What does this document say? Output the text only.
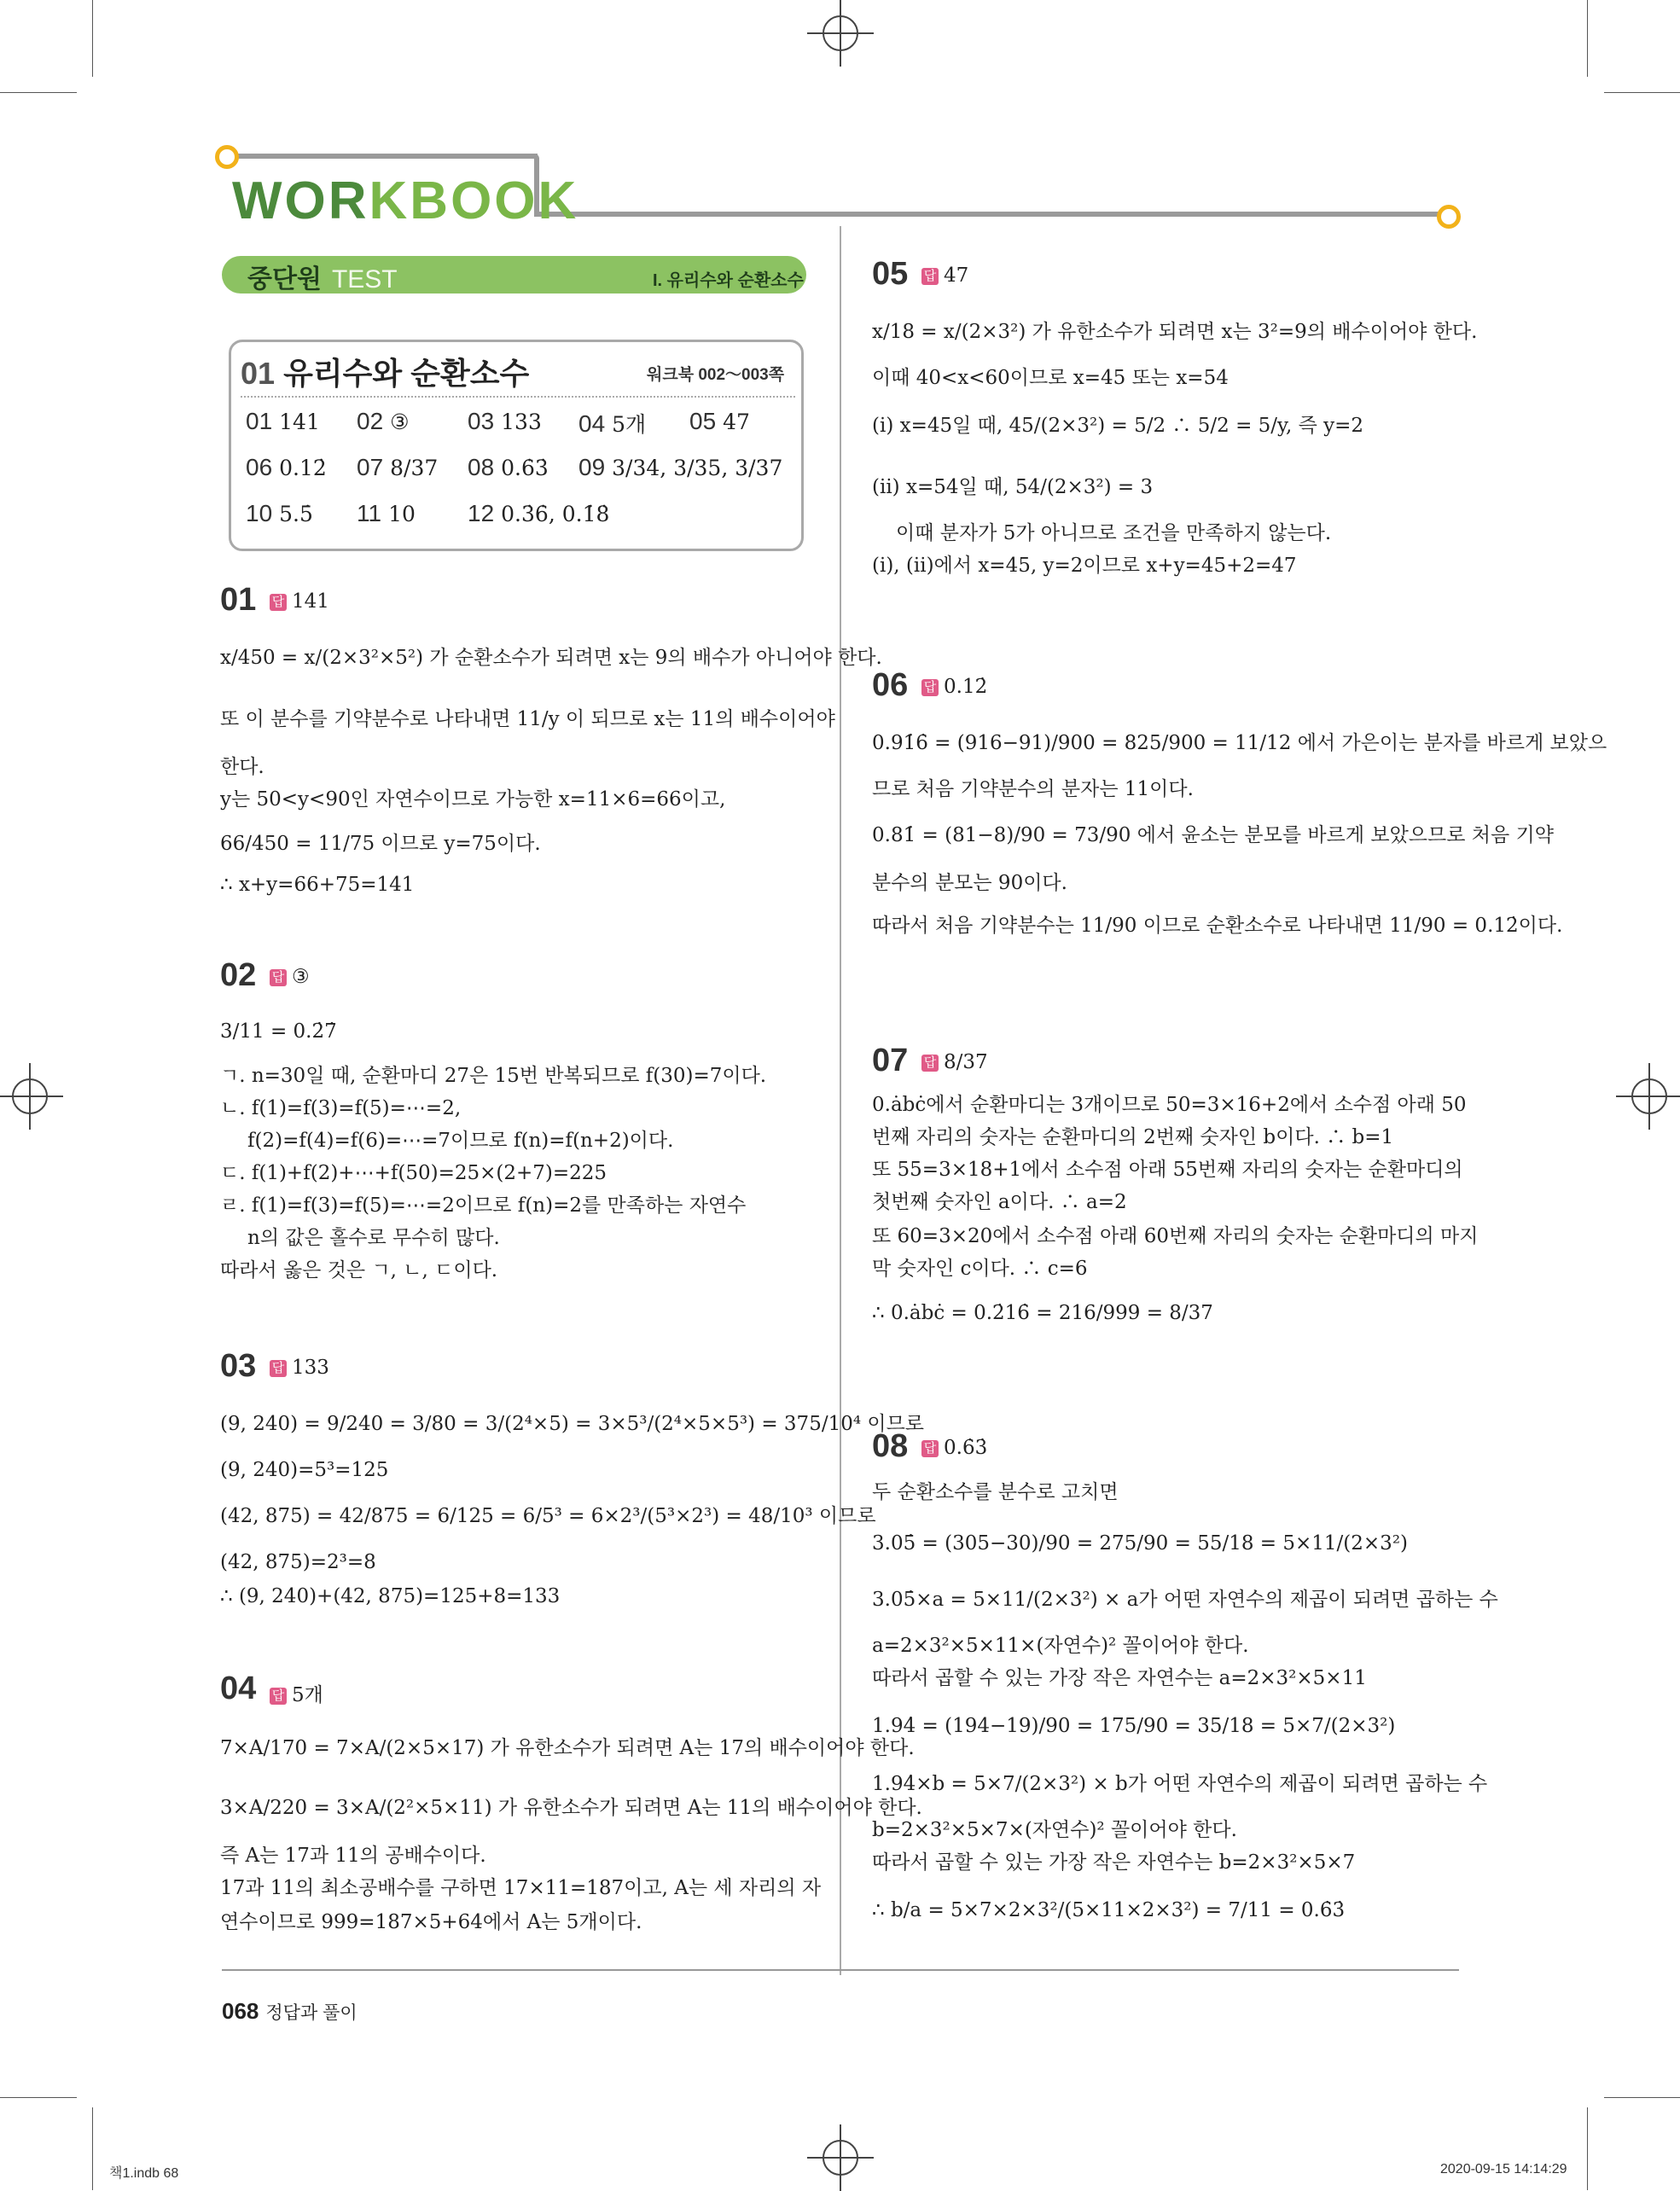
WORKBOOK
중단원 TEST	I. 유리수와 순환소수
01 유리수와 순환소수	워크북 002～003쪽
01 141 02 ③ 03 133 04 5개 05 47
06 0.12̇ 07 8/37 08 0.6̇3̇ 09 3/34, 3/35, 3/37
10 5.5̇ 11 10 12 0.3̇6̇, 0.1̇8̇
01 답 141
x/450 = x/(2×3²×5²) 가 순환소수가 되려면 x는 9의 배수가 아니어야 한다.
또 이 분수를 기약분수로 나타내면 11/y 이 되므로 x는 11의 배수이어야
한다.
y는 50<y<90인 자연수이므로 가능한 x=11×6=66이고,
66/450 = 11/75 이므로 y=75이다.
∴ x+y=66+75=141
02 답 ③
3/11 = 0.2̇7̇
ㄱ. n=30일 때, 순환마디 27은 15번 반복되므로 f(30)=7이다.
ㄴ. f(1)=f(3)=f(5)=⋯=2,
f(2)=f(4)=f(6)=⋯=7이므로 f(n)=f(n+2)이다.
ㄷ. f(1)+f(2)+⋯+f(50)=25×(2+7)=225
ㄹ. f(1)=f(3)=f(5)=⋯=2이므로 f(n)=2를 만족하는 자연수
n의 값은 홀수로 무수히 많다.
따라서 옳은 것은 ㄱ, ㄴ, ㄷ이다.
03 답 133
(9, 240) = 9/240 = 3/80 = 3/(2⁴×5) = 3×5³/(2⁴×5×5³) = 375/10⁴ 이므로
(9, 240)=5³=125
(42, 875) = 42/875 = 6/125 = 6/5³ = 6×2³/(5³×2³) = 48/10³ 이므로
(42, 875)=2³=8
∴ (9, 240)+(42, 875)=125+8=133
04 답 5개
7×A/170 = 7×A/(2×5×17) 가 유한소수가 되려면 A는 17의 배수이어야 한다.
3×A/220 = 3×A/(2²×5×11) 가 유한소수가 되려면 A는 11의 배수이어야 한다.
즉 A는 17과 11의 공배수이다.
17과 11의 최소공배수를 구하면 17×11=187이고, A는 세 자리의 자
연수이므로 999=187×5+64에서 A는 5개이다.
05 답 47
x/18 = x/(2×3²) 가 유한소수가 되려면 x는 3²=9의 배수이어야 한다.
이때 40<x<60이므로 x=45 또는 x=54
(ⅰ) x=45일 때, 45/(2×3²) = 5/2 ∴ 5/2 = 5/y, 즉 y=2
(ⅱ) x=54일 때, 54/(2×3²) = 3
이때 분자가 5가 아니므로 조건을 만족하지 않는다.
(ⅰ), (ⅱ)에서 x=45, y=2이므로 x+y=45+2=47
06 답 0.12̇
0.91̇6̇ = (916−91)/900 = 825/900 = 11/12 에서 가은이는 분자를 바르게 보았으
므로 처음 기약분수의 분자는 11이다.
0.81̇ = (81−8)/90 = 73/90 에서 윤소는 분모를 바르게 보았으므로 처음 기약
분수의 분모는 90이다.
따라서 처음 기약분수는 11/90 이므로 순환소수로 나타내면 11/90 = 0.12̇이다.
07 답 8/37
0.ȧbċ에서 순환마디는 3개이므로 50=3×16+2에서 소수점 아래 50
번째 자리의 숫자는 순환마디의 2번째 숫자인 b이다. ∴ b=1
또 55=3×18+1에서 소수점 아래 55번째 자리의 숫자는 순환마디의
첫번째 숫자인 a이다. ∴ a=2
또 60=3×20에서 소수점 아래 60번째 자리의 숫자는 순환마디의 마지
막 숫자인 c이다. ∴ c=6
∴ 0.ȧbċ = 0.2̇16̇ = 216/999 = 8/37
08 답 0.6̇3̇
두 순환소수를 분수로 고치면
3.05̇ = (305−30)/90 = 275/90 = 55/18 = 5×11/(2×3²)
3.05̇×a = 5×11/(2×3²) × a가 어떤 자연수의 제곱이 되려면 곱하는 수
a=2×3²×5×11×(자연수)² 꼴이어야 한다.
따라서 곱할 수 있는 가장 작은 자연수는 a=2×3²×5×11
1.94̇ = (194−19)/90 = 175/90 = 35/18 = 5×7/(2×3²)
1.94̇×b = 5×7/(2×3²) × b가 어떤 자연수의 제곱이 되려면 곱하는 수
b=2×3²×5×7×(자연수)² 꼴이어야 한다.
따라서 곱할 수 있는 가장 작은 자연수는 b=2×3²×5×7
∴ b/a = 5×7×2×3²/(5×11×2×3²) = 7/11 = 0.6̇3̇
068 정답과 풀이
책1.indb 68	2020-09-15 14:14:29
